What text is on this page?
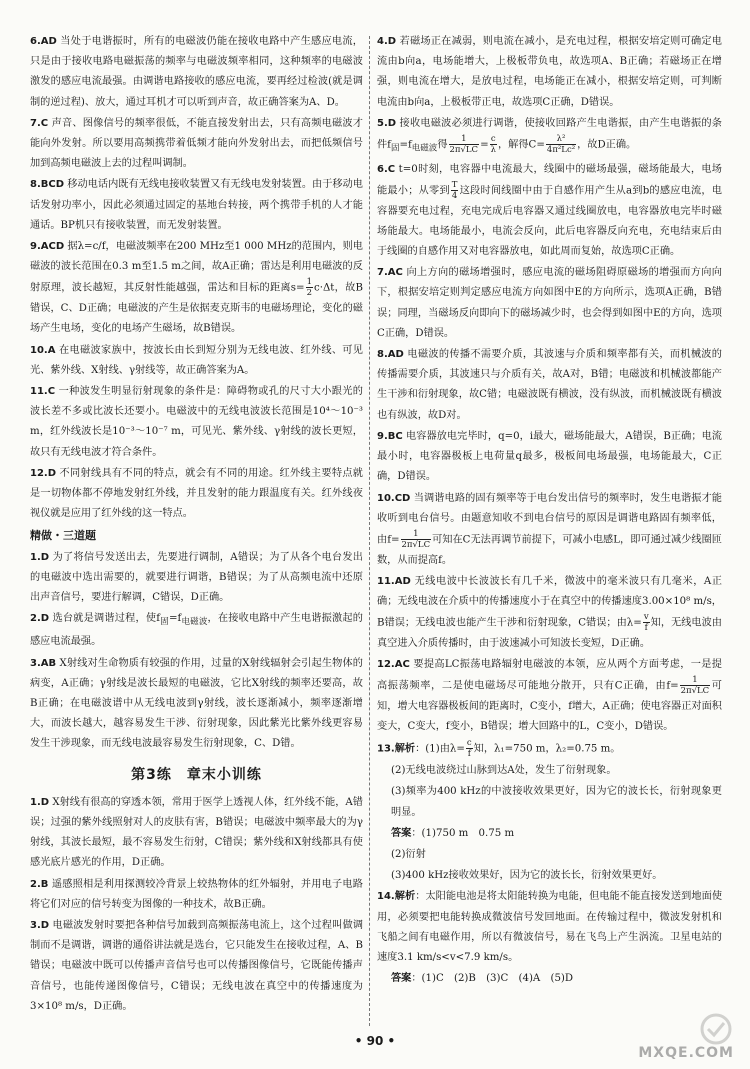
6.AD 当处于电谐振时，所有的电磁波仍能在接收电路中产生感应电流，只是由于接收电路电磁振荡的频率与电磁波频率相同，这种频率的电磁波激发的感应电流最强。由调谐电路接收的感应电流，要再经过检波(就是调制的逆过程)、放大，通过耳机才可以听到声音，故正确答案为A、D。

7.C 声音、图像信号的频率很低，不能直接发射出去，只有高频电磁波才能向外发射。所以要用高频携带着低频才能向外发射出去，而把低频信号加到高频电磁波上去的过程叫调制。

8.BCD 移动电话内既有无线电接收装置又有无线电发射装置。由于移动电话发射功率小，因此必须通过固定的基地台转接，两个携带手机的人才能通话。BP机只有接收装置，而无发射装置。

9.ACD 据λ=c/f，电磁波频率在200 MHz至1 000 MHz的范围内，则电磁波的波长范围在0.3 m至1.5 m之间，故A正确；雷达是利用电磁波的反射原理，波长越短，其反射性能越强，雷达和目标的距离$s= \frac{1}{2} c\cdot\Delta t$，故B错误，C、D正确；电磁波的产生是依据麦克斯韦的电磁场理论，变化的磁场产生电场，变化的电场产生磁场，故B错误。

10.A 在电磁波家族中，按波长由长到短分别为无线电波、红外线、可见光、紫外线、X射线、γ射线等，故正确答案为A。

11.C 一种波发生明显衍射现象的条件是：障碍物或孔的尺寸大小跟光的波长差不多或比波长还要小。电磁波中的无线电波波长范围是10⁴～10⁻³ m，红外线波长是10⁻³～10⁻⁷ m，可见光、紫外线、γ射线的波长更短，故只有无线电波才符合条件。

12.D 不同射线具有不同的特点，就会有不同的用途。红外线主要特点就是一切物体都不停地发射红外线，并且发射的能力跟温度有关。红外线夜视仪就是应用了红外线的这一特点。

精做・三道题

1.D 为了将信号发送出去，先要进行调制，A错误；为了从各个电台发出的电磁波中选出需要的，就要进行调谐，B错误；为了从高频电流中还原出声音信号，要进行解调，C错误，D正确。

2.D 选台就是调谐过程，使$f_固=f_{电磁波}$，在接收电路中产生电谐振激起的感应电流最强。

3.AB X射线对生命物质有较强的作用，过量的X射线辐射会引起生物体的病变，A正确；γ射线是波长最短的电磁波，它比X射线的频率还要高，故B正确；在电磁波谱中从无线电波到γ射线，波长逐渐减小，频率逐渐增大，而波长越大，越容易发生干涉、衍射现象，因此紫光比紫外线更容易发生干涉现象，而无线电波最容易发生衍射现象，C、D错。

第3练　章末小训练

1.D X射线有很高的穿透本领，常用于医学上透视人体，红外线不能，A错误；过强的紫外线照射对人的皮肤有害，B错误；电磁波中频率最大的为γ射线，其波长最短，最不容易发生衍射，C错误；紫外线和X射线都具有使感光底片感光的作用，D正确。

2.B 遥感照相是利用探测较冷背景上较热物体的红外辐射，并用电子电路将它们对应的信号转变为图像的一种技术，故B正确。

3.D 电磁波发射时要把各种信号加载到高频振荡电流上，这个过程叫做调制而不是调谐，调谐的通俗讲法就是选台，它只能发生在接收过程，A、B错误；电磁波中既可以传播声音信号也可以传播图像信号，它既能传播声音信号，也能传递图像信号，C错误；无线电波在真空中的传播速度为3×10⁸ m/s，D正确。

4.D 若磁场正在减弱，则电流在减小，是充电过程，根据安培定则可确定电流由b向a，电场能增大，上极板带负电，故选项A、B正确；若磁场正在增强，则电流在增大，是放电过程，电场能正在减小，根据安培定则，可判断电流由b向a，上极板带正电，故选项C正确，D错误。

5.D 接收电磁波必须进行调谐，使接收回路产生电谐振，由产生电谐振的条件$f_固=f_{电磁波}$得 $\frac{1}{2\pi√LC} = \frac{c}{\lambda}$ ，解得$C= \frac{\text{λ²}}{\text{4π²Lc²}}$ ，故D正确。

6.C t=0时刻，电容器中电流最大，线圈中的磁场最强，磁场能最大，电场能最小；从零到 $\frac{T}{4}$ 这段时间线圈中由于自感作用产生从a到b的感应电流，电容器要充电过程，充电完成后电容器又通过线圈放电，电容器放电完毕时磁场能最大。电场能最小，电流会反向，此后电容器反向充电，充电结束后由于线圈的自感作用又对电容器放电，如此周而复始，故选项C正确。

7.AC 向上方向的磁场增强时，感应电流的磁场阻碍原磁场的增强而方向向下，根据安培定则判定感应电流方向如图中E的方向所示，选项A正确，B错误；同理，当磁场反向即向下的磁场减少时，也会得到如图中E的方向，选项C正确，D错误。

8.AD 电磁波的传播不需要介质，其波速与介质和频率都有关，而机械波的传播需要介质，其波速只与介质有关，故A对，B错；电磁波和机械波都能产生干涉和衍射现象，故C错；电磁波既有横波，没有纵波，而机械波既有横波也有纵波，故D对。

9.BC 电容器放电完毕时，q=0，i最大，磁场能最大，A错误，B正确；电流最小时，电容器极板上电荷量q最多，极板间电场最强，电场能最大，C正确，D错误。

10.CD 当调谐电路的固有频率等于电台发出信号的频率时，发生电谐振才能收听到电台信号。由题意知收不到电台信号的原因是调谐电路固有频率低，由$f= \frac{1}{2\pi√LC}$ 可知在C无法再调节前提下，可减小电感L，即可通过减少线圈匝数，从而提高f。

11.AD 无线电波中长波波长有几千米，微波中的毫米波只有几毫米，A正确；无线电波在介质中的传播速度小于在真空中的传播速度3.00×10⁸ m/s，B错误；无线电波也能产生干涉和衍射现象，C错误；由$\lambda= \frac{v}{f}$ 知，无线电波由真空进入介质传播时，由于波速减小可知波长变短，D正确。

12.AC 要提高LC振荡电路辐射电磁波的本领，应从两个方面考虑，一是提高振荡频率，二是使电磁场尽可能地分散开，只有C正确，由$f= \frac{1}{2\pi√LC}$ 可知，增大电容器极板间的距离时，C变小，f增大，A正确；使电容器正对面积变大，C变大，f变小，B错误；增大回路中的L，C变小，D错误。

13.解析：(1)由$\lambda= \frac{c}{f}$ 知，λ₁=750 m，λ₂=0.75 m。

(2)无线电波绕过山脉到达A处，发生了衍射现象。

(3)频率为400 kHz的中波接收效果更好，因为它的波长长，衍射现象更明显。

答案：(1)750 m　0.75 m

(2)衍射

(3)400 kHz接收效果好，因为它的波长长，衍射效果更好。

14.解析：太阳能电池是将太阳能转换为电能，但电能不能直接发送到地面使用，必须要把电能转换成微波信号发回地面。在传输过程中，微波发射机和飞船之间有电磁作用，所以有微波信号，易在飞鸟上产生涡流。卫星电站的速度3.1 km/s<v<7.9 km/s。

答案：(1)C　(2)B　(3)C　(4)A　(5)D

• 90 •
MXQE.COM
